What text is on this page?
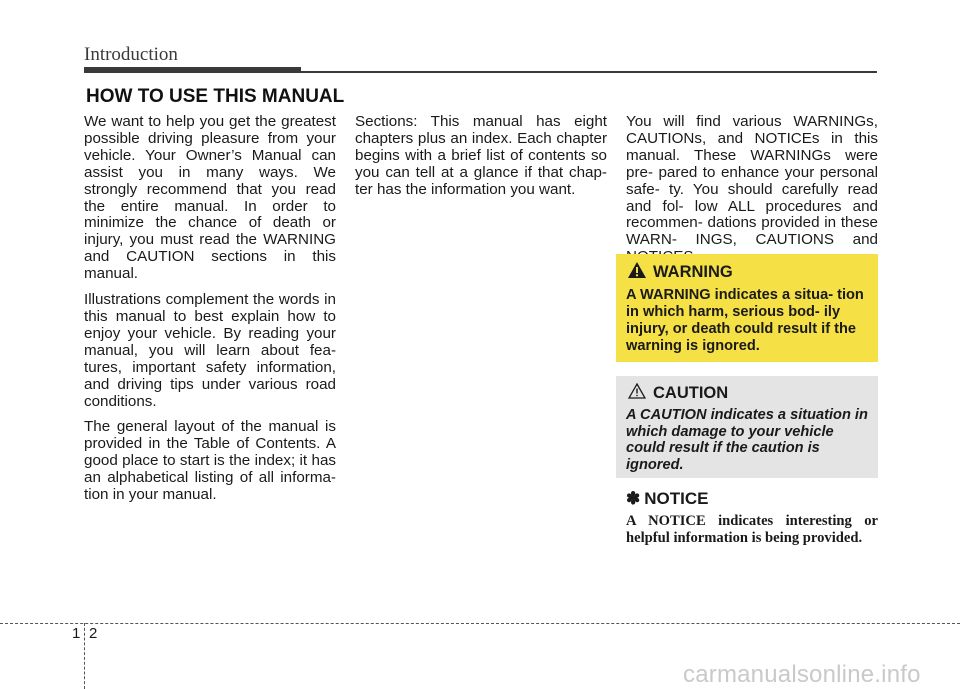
Introduction
HOW TO USE THIS MANUAL

We want to help you get the greatest possible driving pleasure from your vehicle. Your Owner’s Manual can assist you in many ways. We strongly recommend that you read the entire manual. In order to minimize the chance of death or injury, you must read the WARNING and CAUTION sections in this manual.

Illustrations complement the words in this manual to best explain how to enjoy your vehicle. By reading your manual, you will learn about fea- tures, important safety information, and driving tips under various road conditions.

The general layout of the manual is provided in the Table of Contents. A good place to start is the index; it has an alphabetical listing of all informa- tion in your manual.

Sections: This manual has eight chapters plus an index. Each chapter begins with a brief list of contents so you can tell at a glance if that chap- ter has the information you want.

You will find various WARNINGs, CAUTIONs, and NOTICEs in this manual. These WARNINGs were pre- pared to enhance your personal safe- ty. You should carefully read and fol- low ALL procedures and recommen- dations provided in these WARN- INGS, CAUTIONS and

WARNING
A WARNING indicates a situa- tion in which harm, serious bod- ily injury, or death could result if the warning is ignored.
CAUTION
A CAUTION indicates a situation in which damage to your vehicle could result if the caution is ignored.
✽ NOTICE
A NOTICE indicates interesting or helpful information is being provided.
1 2
carmanualsonline.info
